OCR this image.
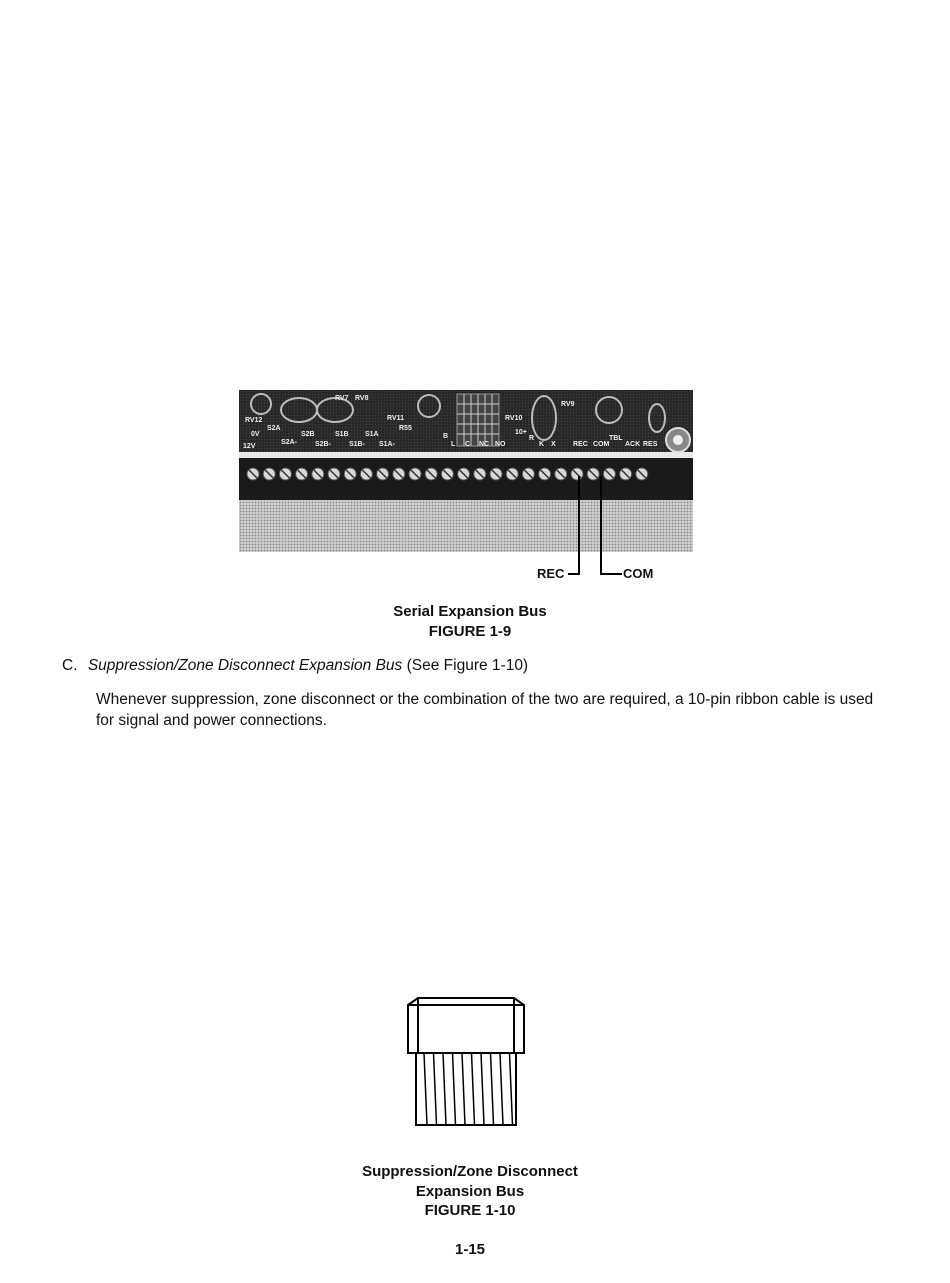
RV12
0V
12V
S2A
S2A-
S2B
S2B-
S1B
S1B-
S1A
S1A-
RV7 RV8
RV11
R55
B
L C NC NO
RV10
10+
R
K X REC COM ACK
TBL
RES
RV9
REC	COM
Serial Expansion Bus
FIGURE 1-9
C. Suppression/Zone Disconnect Expansion Bus (See Figure 1-10)
Whenever suppression, zone disconnect or the combination of the two are required, a 10-pin ribbon cable is used for signal and power connections.
Suppression/Zone Disconnect
Expansion Bus
FIGURE 1-10
1-15
